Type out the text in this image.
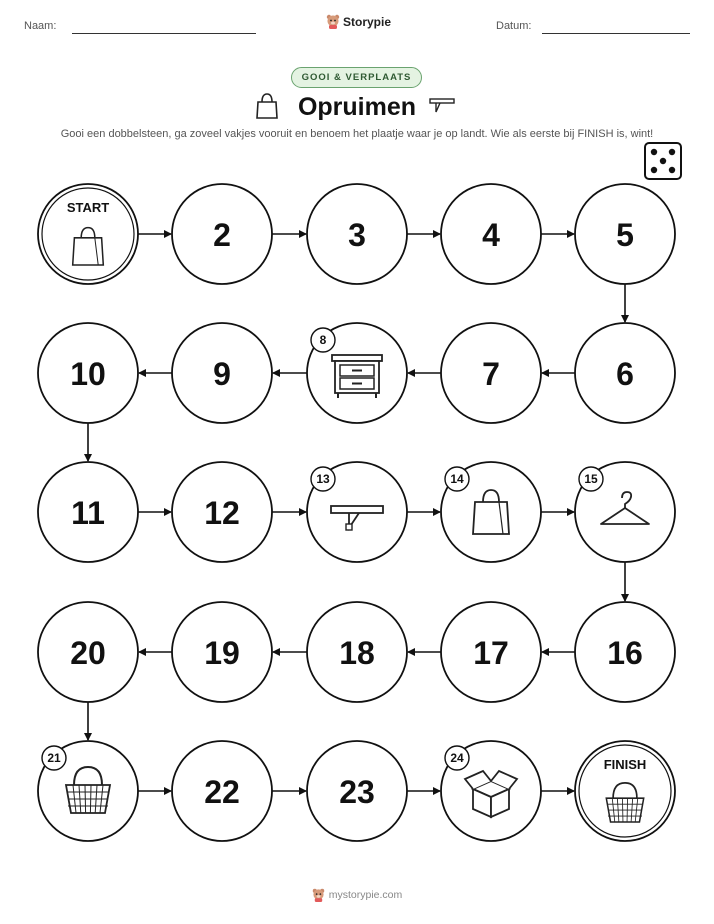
Naam:	Storypie	Datum:
GOOI & VERPLAATS
Opruimen
Gooi een dobbelsteen, ga zoveel vakjes vooruit en benoem het plaatje waar je op landt. Wie als eerste bij FINISH is, wint!
START
2	3	4	5
6
7
8
9
10
11	12
13	14	15
16
17
18
19
20
21
22	23
24	FINISH
mystorypie.com
